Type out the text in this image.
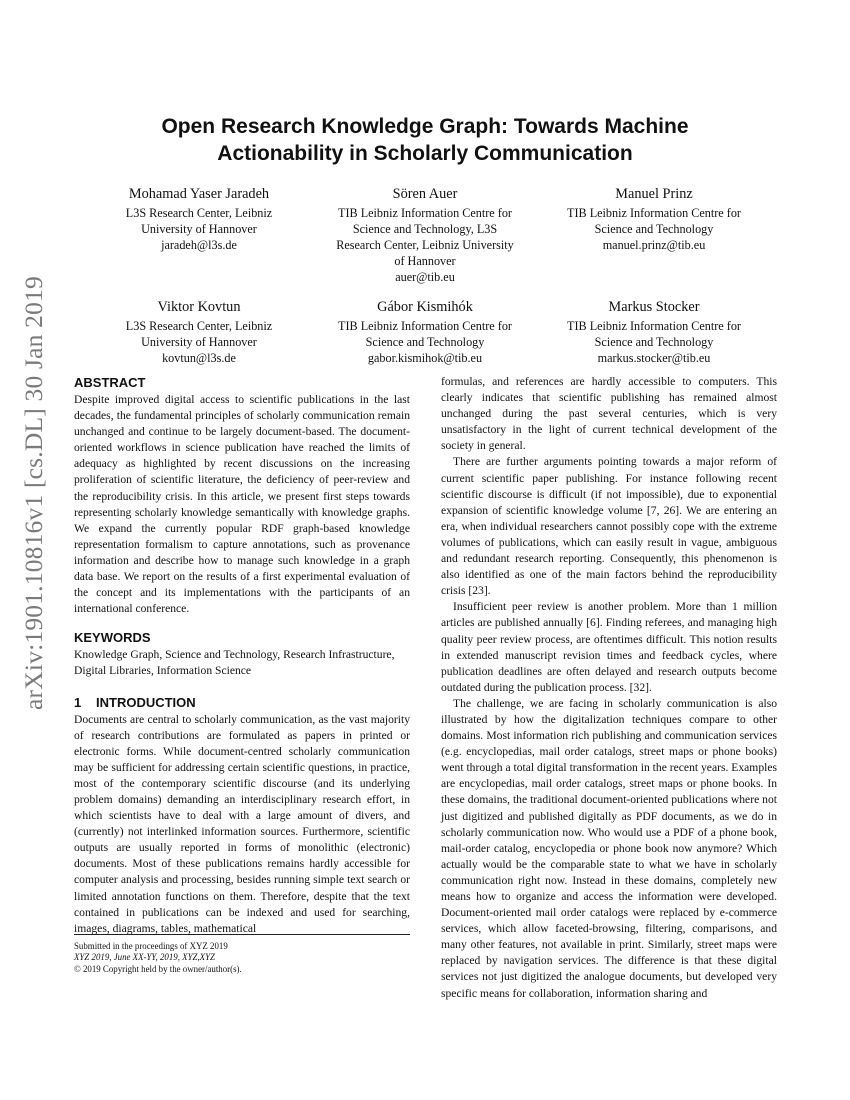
arXiv:1901.10816v1 [cs.DL] 30 Jan 2019
Open Research Knowledge Graph: Towards Machine
Actionability in Scholarly Communication
Mohamad Yaser Jaradeh
L3S Research Center, Leibniz
University of Hannover
jaradeh@l3s.de
Sören Auer
TIB Leibniz Information Centre for
Science and Technology, L3S
Research Center, Leibniz University
of Hannover
auer@tib.eu
Manuel Prinz
TIB Leibniz Information Centre for
Science and Technology
manuel.prinz@tib.eu
Viktor Kovtun
L3S Research Center, Leibniz
University of Hannover
kovtun@l3s.de
Gábor Kismihók
TIB Leibniz Information Centre for
Science and Technology
gabor.kismihok@tib.eu
Markus Stocker
TIB Leibniz Information Centre for
Science and Technology
markus.stocker@tib.eu
ABSTRACT

Despite improved digital access to scientific publications in the last decades, the fundamental principles of scholarly communication remain unchanged and continue to be largely document-based. The document-oriented workflows in science publication have reached the limits of adequacy as highlighted by recent discussions on the increasing proliferation of scientific literature, the deficiency of peer-review and the reproducibility crisis. In this article, we present first steps towards representing scholarly knowledge semantically with knowledge graphs. We expand the currently popular RDF graph-based knowledge representation formalism to capture annotations, such as provenance information and describe how to manage such knowledge in a graph data base. We report on the results of a first experimental evaluation of the concept and its implementations with the participants of an international conference.

KEYWORDS

Knowledge Graph, Science and Technology, Research Infrastructure, Digital Libraries, Information Science

1 INTRODUCTION

Documents are central to scholarly communication, as the vast majority of research contributions are formulated as papers in printed or electronic forms. While document-centred scholarly communication may be sufficient for addressing certain scientific questions, in practice, most of the contemporary scientific discourse (and its underlying problem domains) demanding an interdisciplinary research effort, in which scientists have to deal with a large amount of divers, and (currently) not interlinked information sources. Furthermore, scientific outputs are usually reported in forms of monolithic (electronic) documents. Most of these publications remains hardly accessible for computer analysis and processing, besides running simple text search or limited annotation functions on them. Therefore, despite that the text contained in publications can be indexed and used for searching, images, diagrams, tables, mathematical

Submitted in the proceedings of XYZ 2019
XYZ 2019, June XX-YY, 2019, XYZ,XYZ
© 2019 Copyright held by the owner/author(s).

formulas, and references are hardly accessible to computers. This clearly indicates that scientific publishing has remained almost unchanged during the past several centuries, which is very unsatisfactory in the light of current technical development of the society in general.

There are further arguments pointing towards a major reform of current scientific paper publishing. For instance following recent scientific discourse is difficult (if not impossible), due to exponential expansion of scientific knowledge volume [7, 26]. We are entering an era, when individual researchers cannot possibly cope with the extreme volumes of publications, which can easily result in vague, ambiguous and redundant research reporting. Consequently, this phenomenon is also identified as one of the main factors behind the reproducibility crisis [23].

Insufficient peer review is another problem. More than 1 million articles are published annually [6]. Finding referees, and managing high quality peer review process, are oftentimes difficult. This notion results in extended manuscript revision times and feedback cycles, where publication deadlines are often delayed and research outputs become outdated during the publication process. [32].

The challenge, we are facing in scholarly communication is also illustrated by how the digitalization techniques compare to other domains. Most information rich publishing and communication services (e.g. encyclopedias, mail order catalogs, street maps or phone books) went through a total digital transformation in the recent years. Examples are encyclopedias, mail order catalogs, street maps or phone books. In these domains, the traditional document-oriented publications where not just digitized and published digitally as PDF documents, as we do in scholarly communication now. Who would use a PDF of a phone book, mail-order catalog, encyclopedia or phone book now anymore? Which actually would be the comparable state to what we have in scholarly communication right now. Instead in these domains, completely new means how to organize and access the information were developed. Document-oriented mail order catalogs were replaced by e-commerce services, which allow faceted-browsing, filtering, comparisons, and many other features, not available in print. Similarly, street maps were replaced by navigation services. The difference is that these digital services not just digitized the analogue documents, but developed very specific means for collaboration, information sharing and
